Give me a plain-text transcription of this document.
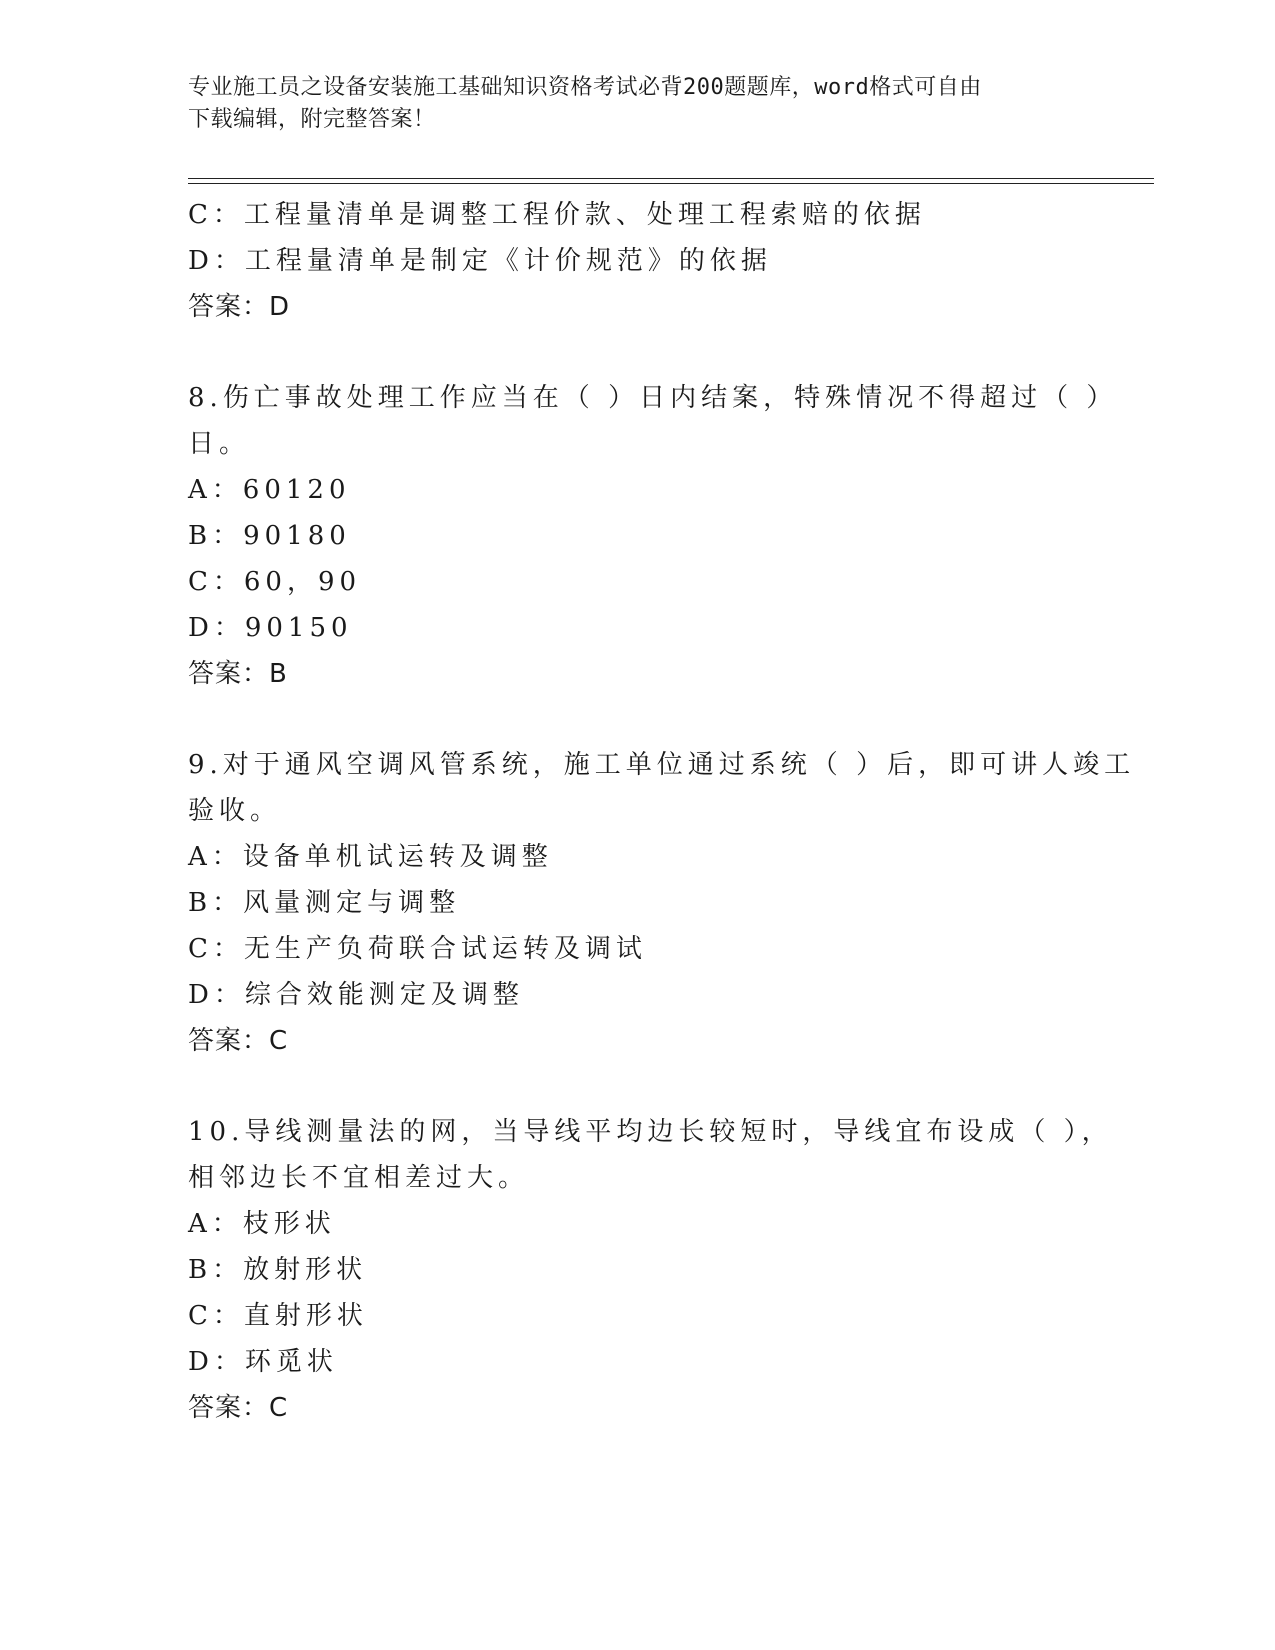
专业施工员之设备安装施工基础知识资格考试必背200题题库，word格式可自由
下载编辑，附完整答案！
C：工程量清单是调整工程价款、处理工程索赔的依据
D：工程量清单是制定《计价规范》的依据
答案：D
8.伤亡事故处理工作应当在（ ）日内结案，特殊情况不得超过（ ）
日。
A：60120
B：90180
C：60，90
D：90150
答案：B
9.对于通风空调风管系统，施工单位通过系统（ ）后，即可讲人竣工
验收。
A：设备单机试运转及调整
B：风量测定与调整
C：无生产负荷联合试运转及调试
D：综合效能测定及调整
答案：C
10.导线测量法的网，当导线平均边长较短时，导线宜布设成（ ），
相邻边长不宜相差过大。
A：枝形状
B：放射形状
C：直射形状
D：环觅状
答案：C
